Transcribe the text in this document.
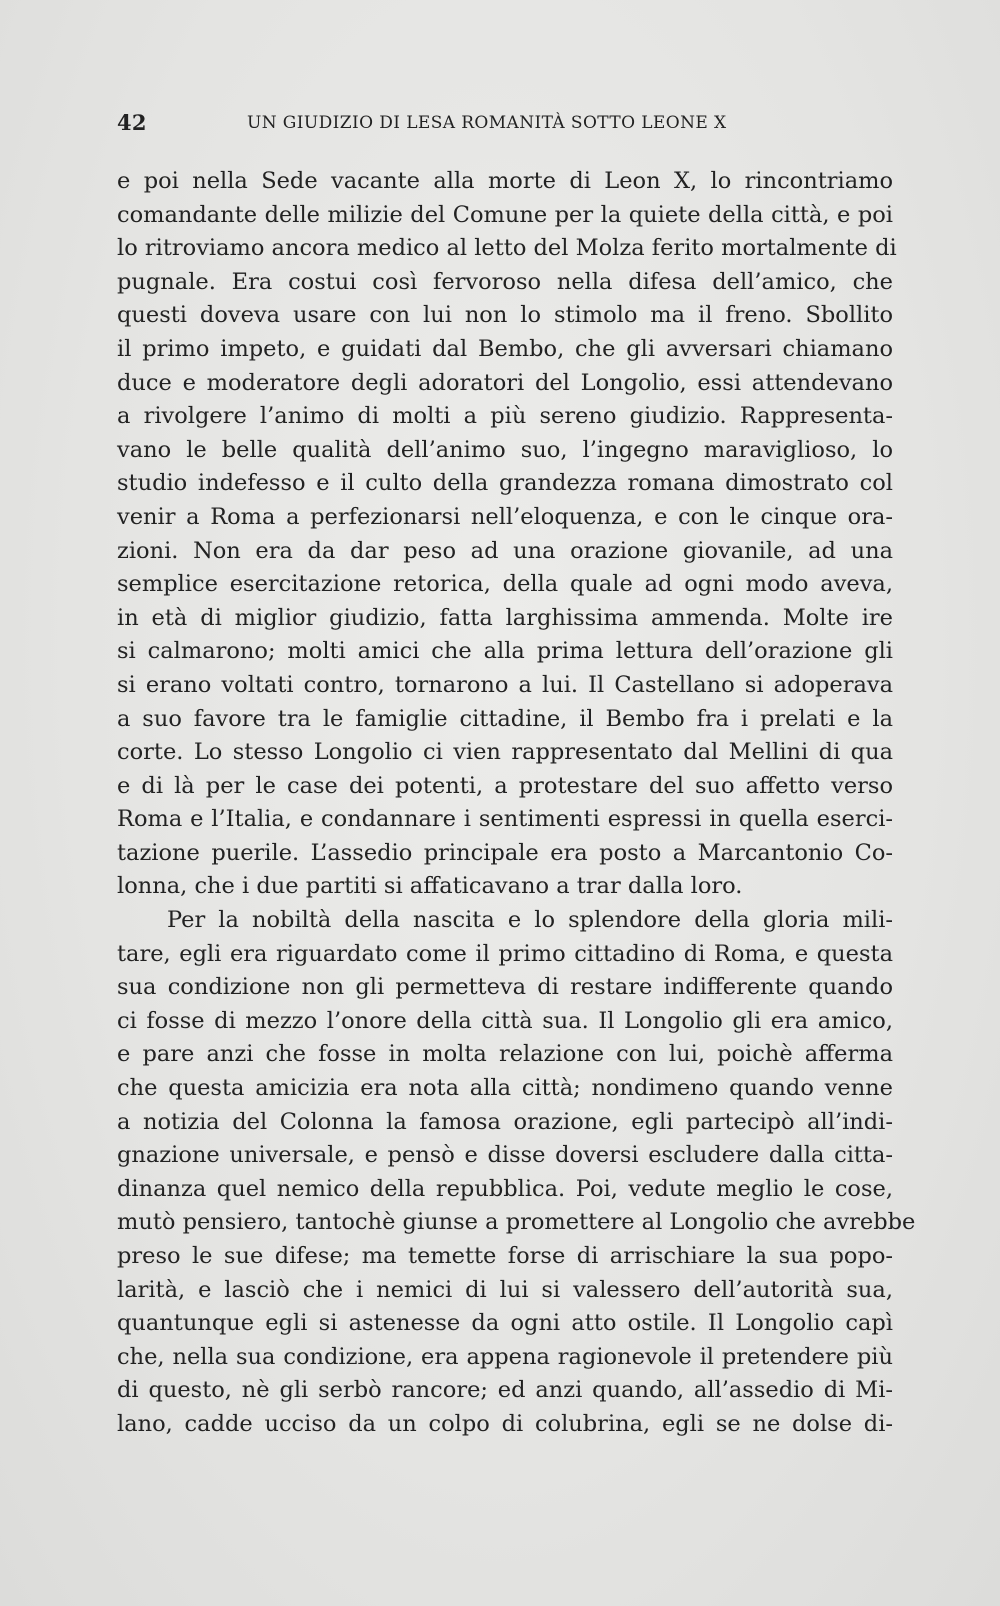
42	UN GIUDIZIO DI LESA ROMANITÀ SOTTO LEONE X
e poi nella Sede vacante alla morte di Leon X, lo rincontriamo
comandante delle milizie del Comune per la quiete della città, e poi
lo ritroviamo ancora medico al letto del Molza ferito mortalmente di
pugnale. Era costui così fervoroso nella difesa dell’amico, che
questi doveva usare con lui non lo stimolo ma il freno. Sbollito
il primo impeto, e guidati dal Bembo, che gli avversari chiamano
duce e moderatore degli adoratori del Longolio, essi attendevano
a rivolgere l’animo di molti a più sereno giudizio. Rappresenta-
vano le belle qualità dell’animo suo, l’ingegno maraviglioso, lo
studio indefesso e il culto della grandezza romana dimostrato col
venir a Roma a perfezionarsi nell’eloquenza, e con le cinque ora-
zioni. Non era da dar peso ad una orazione giovanile, ad una
semplice esercitazione retorica, della quale ad ogni modo aveva,
in età di miglior giudizio, fatta larghissima ammenda. Molte ire
si calmarono; molti amici che alla prima lettura dell’orazione gli
si erano voltati contro, tornarono a lui. Il Castellano si adoperava
a suo favore tra le famiglie cittadine, il Bembo fra i prelati e la
corte. Lo stesso Longolio ci vien rappresentato dal Mellini di qua
e di là per le case dei potenti, a protestare del suo affetto verso
Roma e l’Italia, e condannare i sentimenti espressi in quella eserci-
tazione puerile. L’assedio principale era posto a Marcantonio Co-
lonna, che i due partiti si affaticavano a trar dalla loro.
Per la nobiltà della nascita e lo splendore della gloria mili-
tare, egli era riguardato come il primo cittadino di Roma, e questa
sua condizione non gli permetteva di restare indifferente quando
ci fosse di mezzo l’onore della città sua. Il Longolio gli era amico,
e pare anzi che fosse in molta relazione con lui, poichè afferma
che questa amicizia era nota alla città; nondimeno quando venne
a notizia del Colonna la famosa orazione, egli partecipò all’indi-
gnazione universale, e pensò e disse doversi escludere dalla citta-
dinanza quel nemico della repubblica. Poi, vedute meglio le cose,
mutò pensiero, tantochè giunse a promettere al Longolio che avrebbe
preso le sue difese; ma temette forse di arrischiare la sua popo-
larità, e lasciò che i nemici di lui si valessero dell’autorità sua,
quantunque egli si astenesse da ogni atto ostile. Il Longolio capì
che, nella sua condizione, era appena ragionevole il pretendere più
di questo, nè gli serbò rancore; ed anzi quando, all’assedio di Mi-
lano, cadde ucciso da un colpo di colubrina, egli se ne dolse di-
